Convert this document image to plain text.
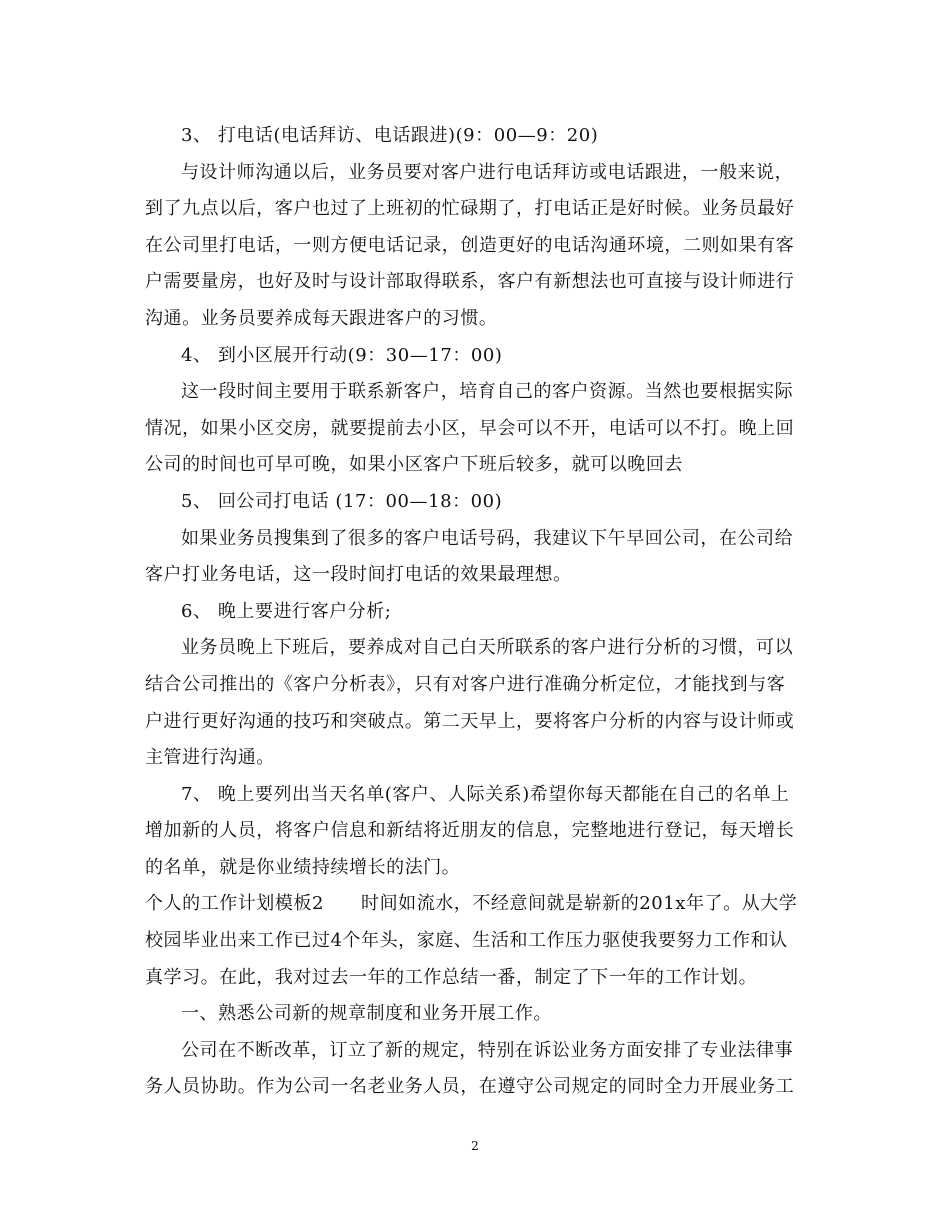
3、 打电话(电话拜访、电话跟进)(9：00—9：20)
与设计师沟通以后，业务员要对客户进行电话拜访或电话跟进，一般来说，
到了九点以后，客户也过了上班初的忙碌期了，打电话正是好时候。业务员最好
在公司里打电话，一则方便电话记录，创造更好的电话沟通环境，二则如果有客
户需要量房，也好及时与设计部取得联系，客户有新想法也可直接与设计师进行
沟通。业务员要养成每天跟进客户的习惯。
4、 到小区展开行动(9：30—17：00)
这一段时间主要用于联系新客户，培育自己的客户资源。当然也要根据实际
情况，如果小区交房，就要提前去小区，早会可以不开，电话可以不打。晚上回
公司的时间也可早可晚，如果小区客户下班后较多，就可以晚回去
5、 回公司打电话 (17：00—18：00)
如果业务员搜集到了很多的客户电话号码，我建议下午早回公司，在公司给
客户打业务电话，这一段时间打电话的效果最理想。
6、 晚上要进行客户分析;
业务员晚上下班后，要养成对自己白天所联系的客户进行分析的习惯，可以
结合公司推出的《客户分析表》，只有对客户进行准确分析定位，才能找到与客
户进行更好沟通的技巧和突破点。第二天早上，要将客户分析的内容与设计师或
主管进行沟通。
7、 晚上要列出当天名单(客户、人际关系)希望你每天都能在自己的名单上
增加新的人员，将客户信息和新结将近朋友的信息，完整地进行登记，每天增长
的名单，就是你业绩持续增长的法门。
个人的工作计划模板2　　时间如流水，不经意间就是崭新的201x年了。从大学
校园毕业出来工作已过4个年头，家庭、生活和工作压力驱使我要努力工作和认
真学习。在此，我对过去一年的工作总结一番，制定了下一年的工作计划。
一、熟悉公司新的规章制度和业务开展工作。
公司在不断改革，订立了新的规定，特别在诉讼业务方面安排了专业法律事
务人员协助。作为公司一名老业务人员，在遵守公司规定的同时全力开展业务工
2
